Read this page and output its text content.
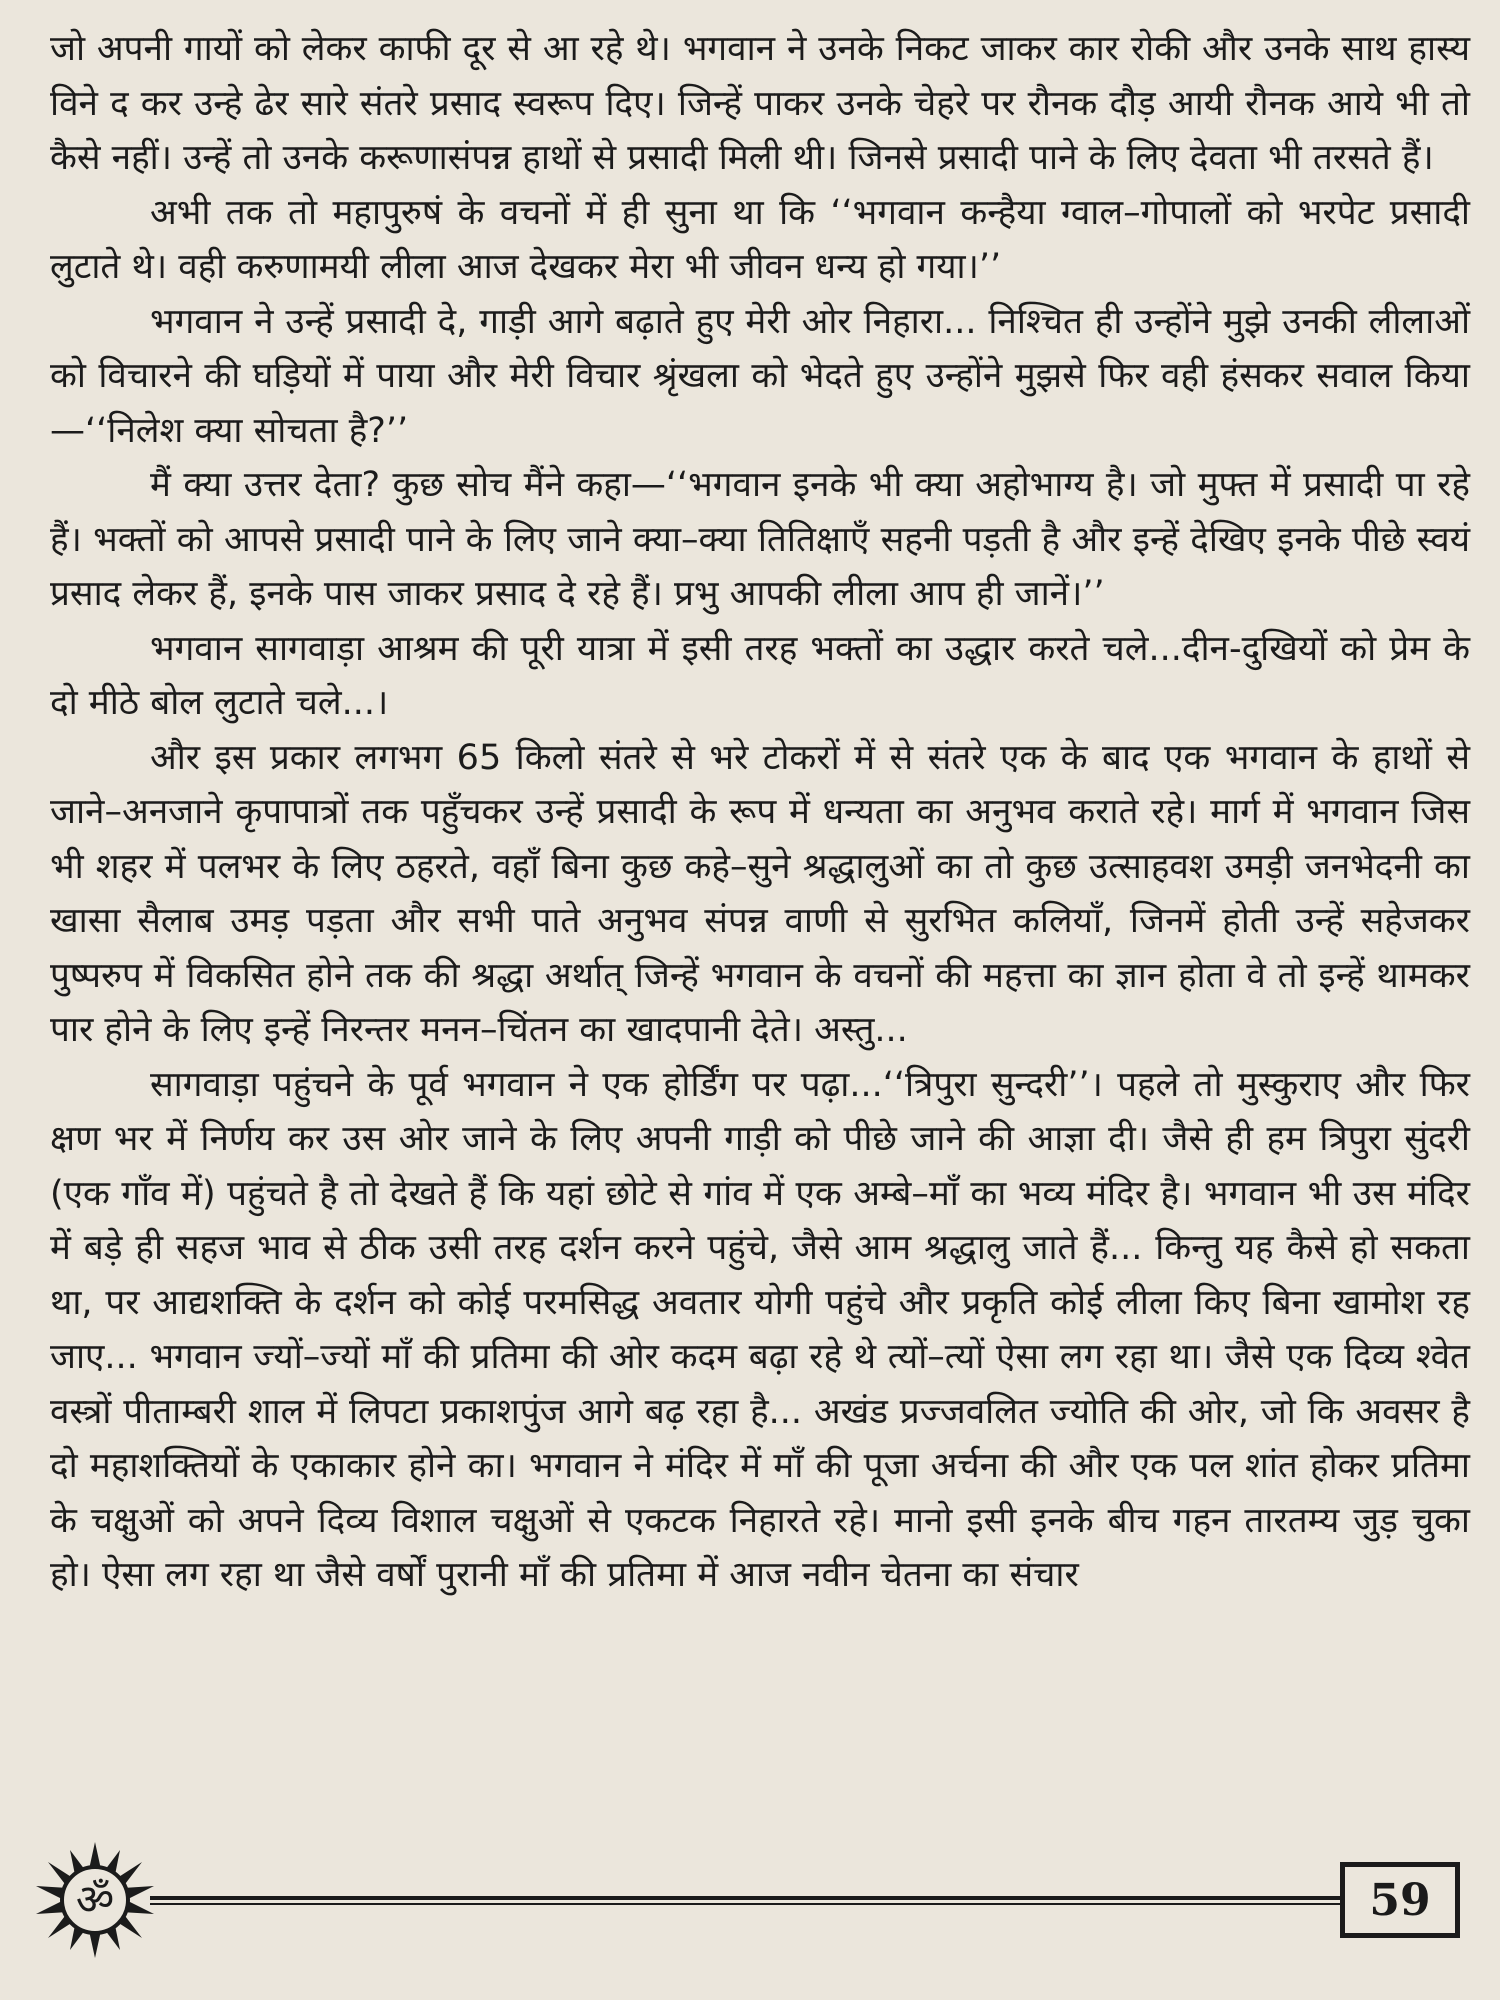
जो अपनी गायों को लेकर काफी दूर से आ रहे थे। भगवान ने उनके निकट जाकर कार रोकी और उनके साथ हास्य विने द कर उन्हे ढेर सारे संतरे प्रसाद स्वरूप दिए। जिन्हें पाकर उनके चेहरे पर रौनक दौड़ आयी रौनक आये भी तो कैसे नहीं। उन्हें तो उनके करूणासंपन्न हाथों से प्रसादी मिली थी। जिनसे प्रसादी पाने के लिए देवता भी तरसते हैं।

अभी तक तो महापुरुषं के वचनों में ही सुना था कि ‘‘भगवान कन्हैया ग्वाल–गोपालों को भरपेट प्रसादी लुटाते थे। वही करुणामयी लीला आज देखकर मेरा भी जीवन धन्य हो गया।’’

भगवान ने उन्हें प्रसादी दे, गाड़ी आगे बढ़ाते हुए मेरी ओर निहारा... निश्चित ही उन्होंने मुझे उनकी लीलाओं को विचारने की घड़ियों में पाया और मेरी विचार श्रृंखला को भेदते हुए उन्होंने मुझसे फिर वही हंसकर सवाल किया—‘‘निलेश क्या सोचता है?’’

मैं क्या उत्तर देता? कुछ सोच मैंने कहा—‘‘भगवान इनके भी क्या अहोभाग्य है। जो मुफ्त में प्रसादी पा रहे हैं। भक्तों को आपसे प्रसादी पाने के लिए जाने क्या–क्या तितिक्षाएँ सहनी पड़ती है और इन्हें देखिए इनके पीछे स्वयं प्रसाद लेकर हैं, इनके पास जाकर प्रसाद दे रहे हैं। प्रभु आपकी लीला आप ही जानें।’’

भगवान सागवाड़ा आश्रम की पूरी यात्रा में इसी तरह भक्तों का उद्धार करते चले...दीन-दुखियों को प्रेम के दो मीठे बोल लुटाते चले...।

और इस प्रकार लगभग 65 किलो संतरे से भरे टोकरों में से संतरे एक के बाद एक भगवान के हाथों से जाने–अनजाने कृपापात्रों तक पहुँचकर उन्हें प्रसादी के रूप में धन्यता का अनुभव कराते रहे। मार्ग में भगवान जिस भी शहर में पलभर के लिए ठहरते, वहाँ बिना कुछ कहे–सुने श्रद्धालुओं का तो कुछ उत्साहवश उमड़ी जनभेदनी का खासा सैलाब उमड़ पड़ता और सभी पाते अनुभव संपन्न वाणी से सुरभित कलियाँ, जिनमें होती उन्हें सहेजकर पुष्परुप में विकसित होने तक की श्रद्धा अर्थात् जिन्हें भगवान के वचनों की महत्ता का ज्ञान होता वे तो इन्हें थामकर पार होने के लिए इन्हें निरन्तर मनन–चिंतन का खादपानी देते। अस्तु...

सागवाड़ा पहुंचने के पूर्व भगवान ने एक होर्डिंग पर पढ़ा...‘‘त्रिपुरा सुन्दरी’’। पहले तो मुस्कुराए और फिर क्षण भर में निर्णय कर उस ओर जाने के लिए अपनी गाड़ी को पीछे जाने की आज्ञा दी। जैसे ही हम त्रिपुरा सुंदरी (एक गाँव में) पहुंचते है तो देखते हैं कि यहां छोटे से गांव में एक अम्बे–माँ का भव्य मंदिर है। भगवान भी उस मंदिर में बड़े ही सहज भाव से ठीक उसी तरह दर्शन करने पहुंचे, जैसे आम श्रद्धालु जाते हैं... किन्तु यह कैसे हो सकता था, पर आद्यशक्ति के दर्शन को कोई परमसिद्ध अवतार योगी पहुंचे और प्रकृति कोई लीला किए बिना खामोश रह जाए... भगवान ज्यों–ज्यों माँ की प्रतिमा की ओर कदम बढ़ा रहे थे त्यों–त्यों ऐसा लग रहा था। जैसे एक दिव्य श्वेत वस्त्रों पीताम्बरी शाल में लिपटा प्रकाशपुंज आगे बढ़ रहा है... अखंड प्रज्जवलित ज्योति की ओर, जो कि अवसर है दो महाशक्तियों के एकाकार होने का। भगवान ने मंदिर में माँ की पूजा अर्चना की और एक पल शांत होकर प्रतिमा के चक्षुओं को अपने दिव्य विशाल चक्षुओं से एकटक निहारते रहे। मानो इसी इनके बीच गहन तारतम्य जुड़ चुका हो। ऐसा लग रहा था जैसे वर्षों पुरानी माँ की प्रतिमा में आज नवीन चेतना का संचार

ॐ	59
